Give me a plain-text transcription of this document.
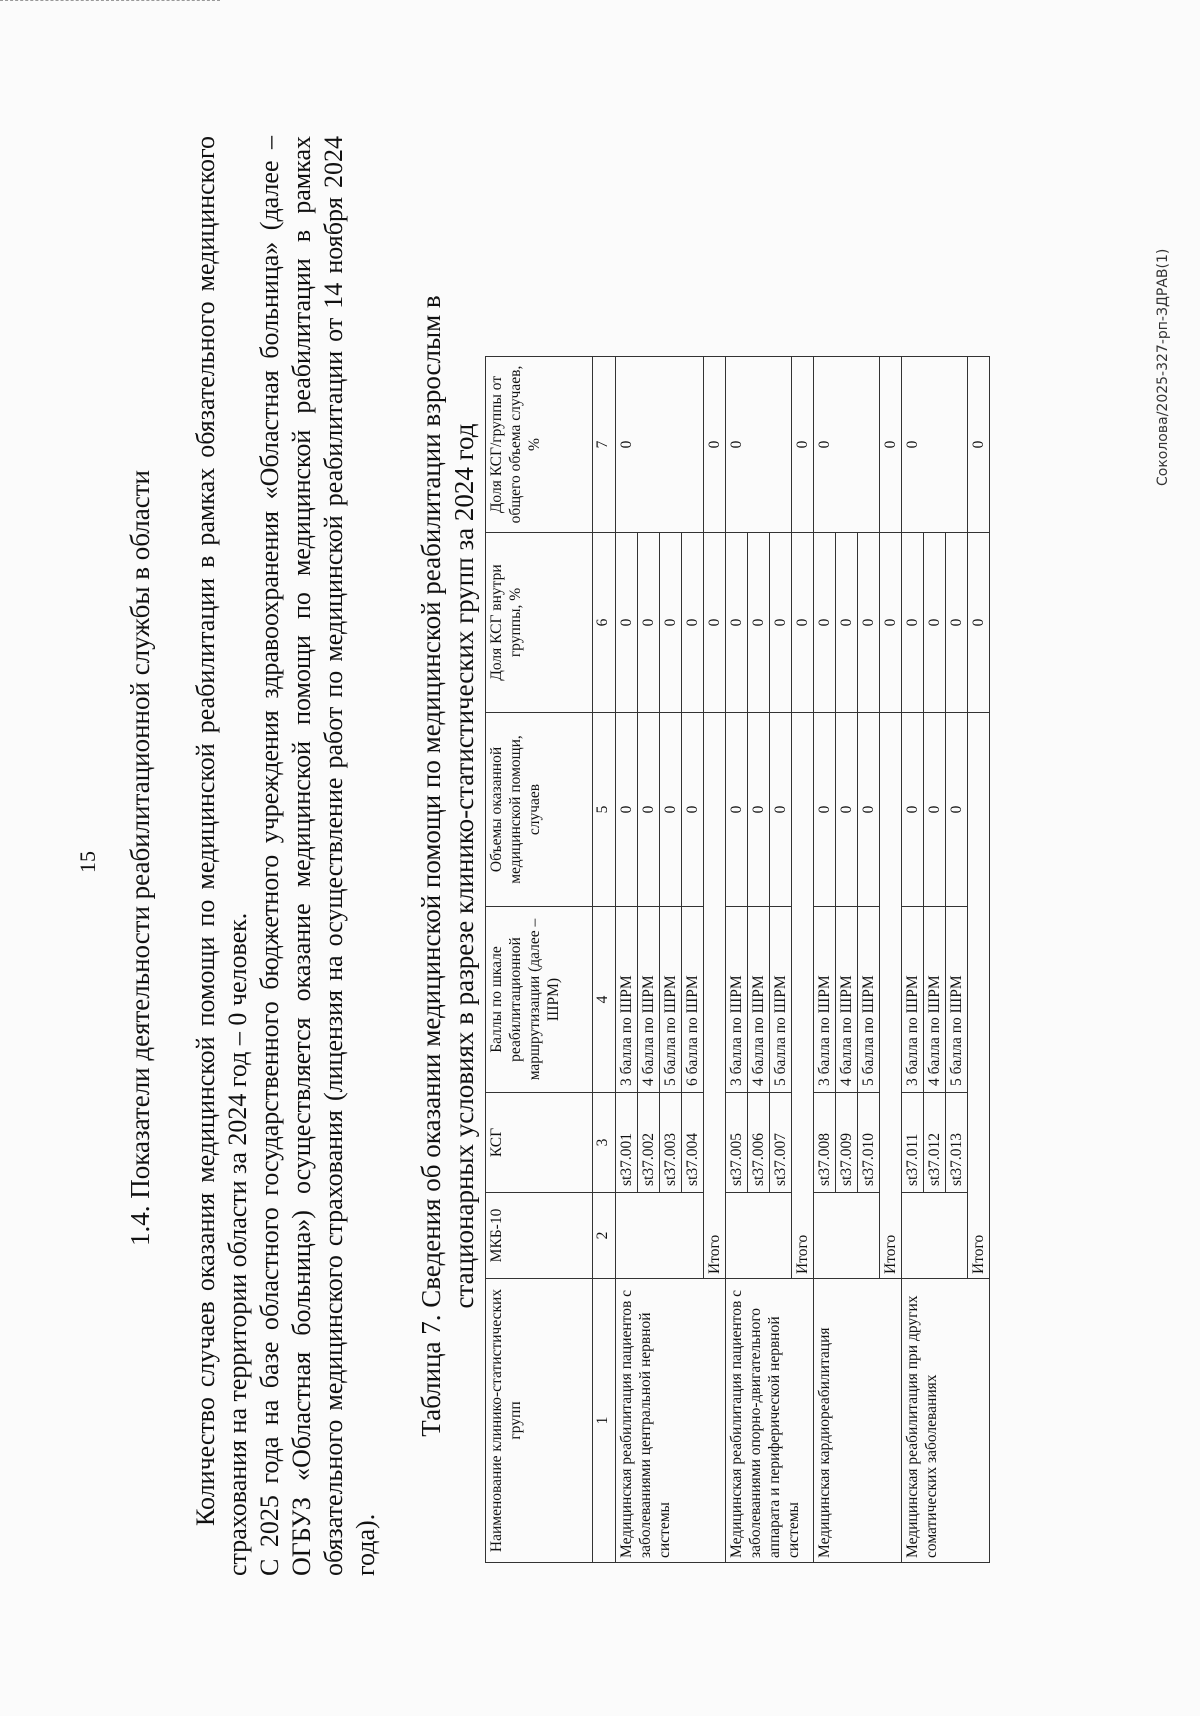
15 1.4. Показатели деятельности реабилитационной службы в области Количество случаев оказания медицинской помощи по медицинской реабилитации в рамках обязательного медицинского страхования на территории области за 2024 год – 0 человек. С 2025 года на базе областного государственного бюджетного учреждения здравоохранения «Областная больница» (далее – ОГБУЗ «Областная больница») осуществляется оказание медицинской помощи по медицинской реабилитации в рамках обязательного медицинского страхования (лицензия на осуществление работ по медицинской реабилитации от 14 ноября 2024 года).
Таблица 7. Сведения об оказании медицинской помощи по медицинской реабилитации взрослым в стационарных условиях в разрезе клинико-статистических групп за 2024 год
Наименование клинико-статистических групп	МКБ-10	КСГ	Баллы по шкале реабилитационной маршрутизации (далее –ШРМ)	Объемы оказанной медицинской помощи, случаев	Доля КСГ внутри группы, %	Доля КСГ/группы от общего объема случаев, %
1	2	3	4	5	6	7
Медицинская реабилитация пациентов с заболеваниями центральной нервной системы		st37.001	3 балла по ШРМ	0	0	0
		st37.002	4 балла по ШРМ	0	0	
		st37.003	5 балла по ШРМ	0	0	
		st37.004	6 балла по ШРМ	0	0	
	Итого				0	0
Медицинская реабилитация пациентов с заболеваниями опорно-двигательного аппарата и периферической нервной системы		st37.005	3 балла по ШРМ	0	0	0
		st37.006	4 балла по ШРМ	0	0	
		st37.007	5 балла по ШРМ	0	0	
	Итого				0	0
Медицинская кардиореабилитация		st37.008	3 балла по ШРМ	0	0	0
		st37.009	4 балла по ШРМ	0	0	
		st37.010	5 балла по ШРМ	0	0	
	Итого				0	0
Медицинская реабилитация при других соматических заболеваниях		st37.011	3 балла по ШРМ	0	0	0
		st37.012	4 балла по ШРМ	0	0	
		st37.013	5 балла по ШРМ	0	0	
	Итого				0	0	Соколова/2025-327-рп-ЗДРАВ(1)
